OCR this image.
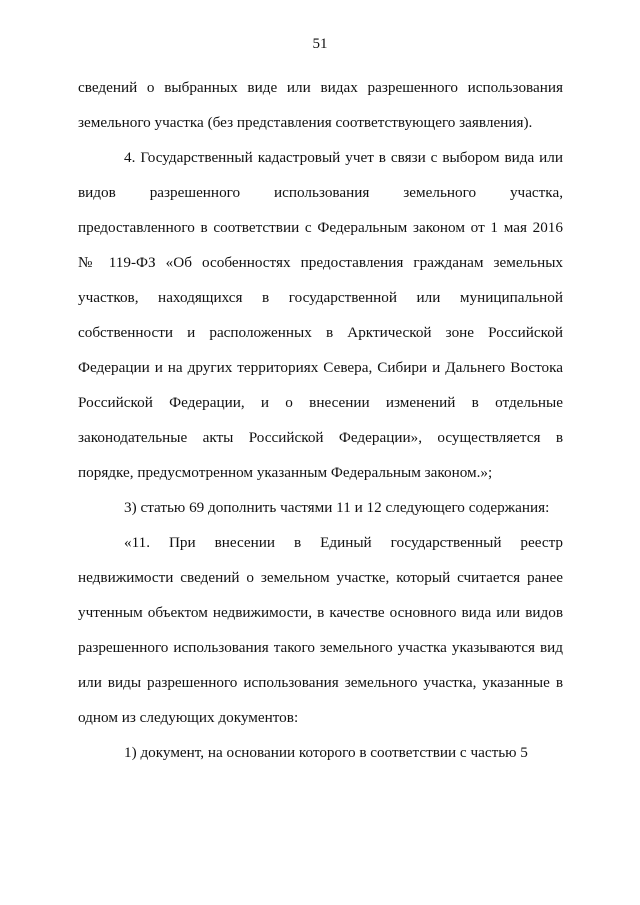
51

сведений о выбранных виде или видах разрешенного использования земельного участка (без представления соответствующего заявления).

4. Государственный кадастровый учет в связи с выбором вида или видов разрешенного использования земельного участка, предоставленного в соответствии с Федеральным законом от 1 мая 2016 № 119-ФЗ «Об особенностях предоставления гражданам земельных участков, находящихся в государственной или муниципальной собственности и расположенных в Арктической зоне Российской Федерации и на других территориях Севера, Сибири и Дальнего Востока Российской Федерации, и о внесении изменений в отдельные законодательные акты Российской Федерации», осуществляется в порядке, предусмотренном указанным Федеральным законом.»;

3) статью 69 дополнить частями 11 и 12 следующего содержания:

«11. При внесении в Единый государственный реестр недвижимости сведений о земельном участке, который считается ранее учтенным объектом недвижимости, в качестве основного вида или видов разрешенного использования такого земельного участка указываются вид или виды разрешенного использования земельного участка, указанные в одном из следующих документов:

1) документ, на основании которого в соответствии с частью 5
